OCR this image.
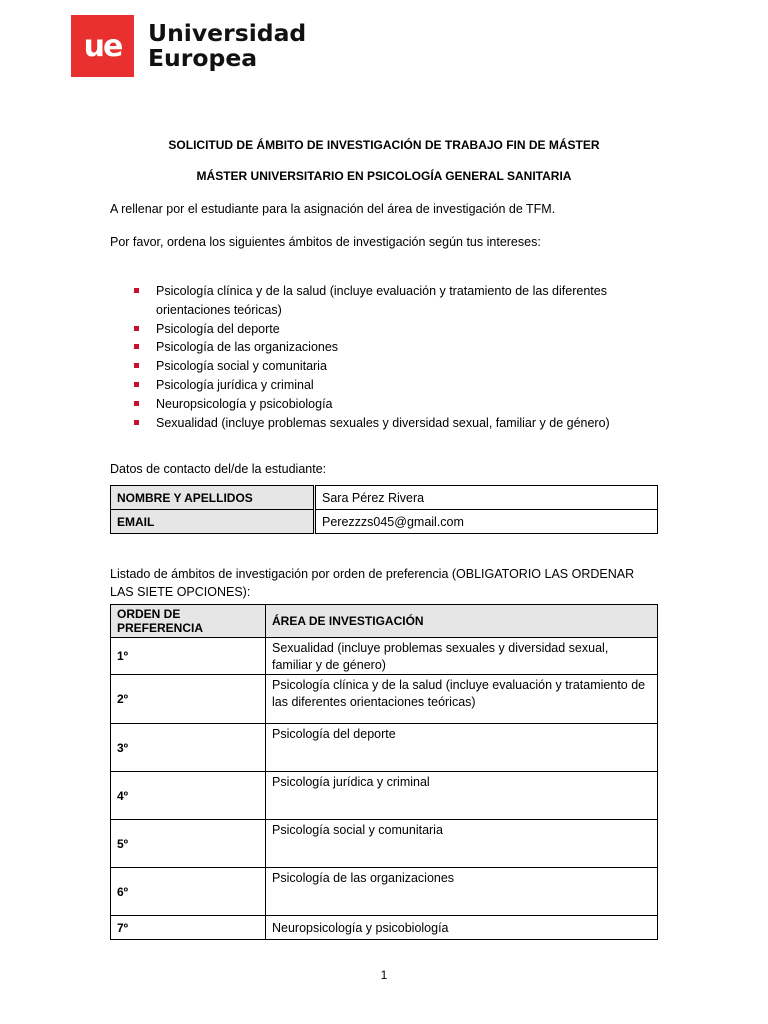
ue	Universidad
Europea
SOLICITUD DE ÁMBITO DE INVESTIGACIÓN DE TRABAJO FIN DE MÁSTER
MÁSTER UNIVERSITARIO EN PSICOLOGÍA GENERAL SANITARIA
A rellenar por el estudiante para la asignación del área de investigación de TFM.
Por favor, ordena los siguientes ámbitos de investigación según tus intereses:
Psicología clínica y de la salud (incluye evaluación y tratamiento de las diferentes orientaciones teóricas)
Psicología del deporte
Psicología de las organizaciones
Psicología social y comunitaria
Psicología jurídica y criminal
Neuropsicología y psicobiología
Sexualidad (incluye problemas sexuales y diversidad sexual, familiar y de género)
Datos de contacto del/de la estudiante:
NOMBRE Y APELLIDOS	Sara Pérez Rivera
EMAIL	Perezzzs045@gmail.com
Listado de ámbitos de investigación por orden de preferencia (OBLIGATORIO LAS ORDENAR LAS SIETE OPCIONES):
ORDEN DE PREFERENCIA	ÁREA DE INVESTIGACIÓN
1º	Sexualidad (incluye problemas sexuales y diversidad sexual, familiar y de género)
2º	Psicología clínica y de la salud (incluye evaluación y tratamiento de las diferentes orientaciones teóricas)
3º	Psicología del deporte
4º	Psicología jurídica y criminal
5º	Psicología social y comunitaria
6º	Psicología de las organizaciones
7º	Neuropsicología y psicobiología
1
